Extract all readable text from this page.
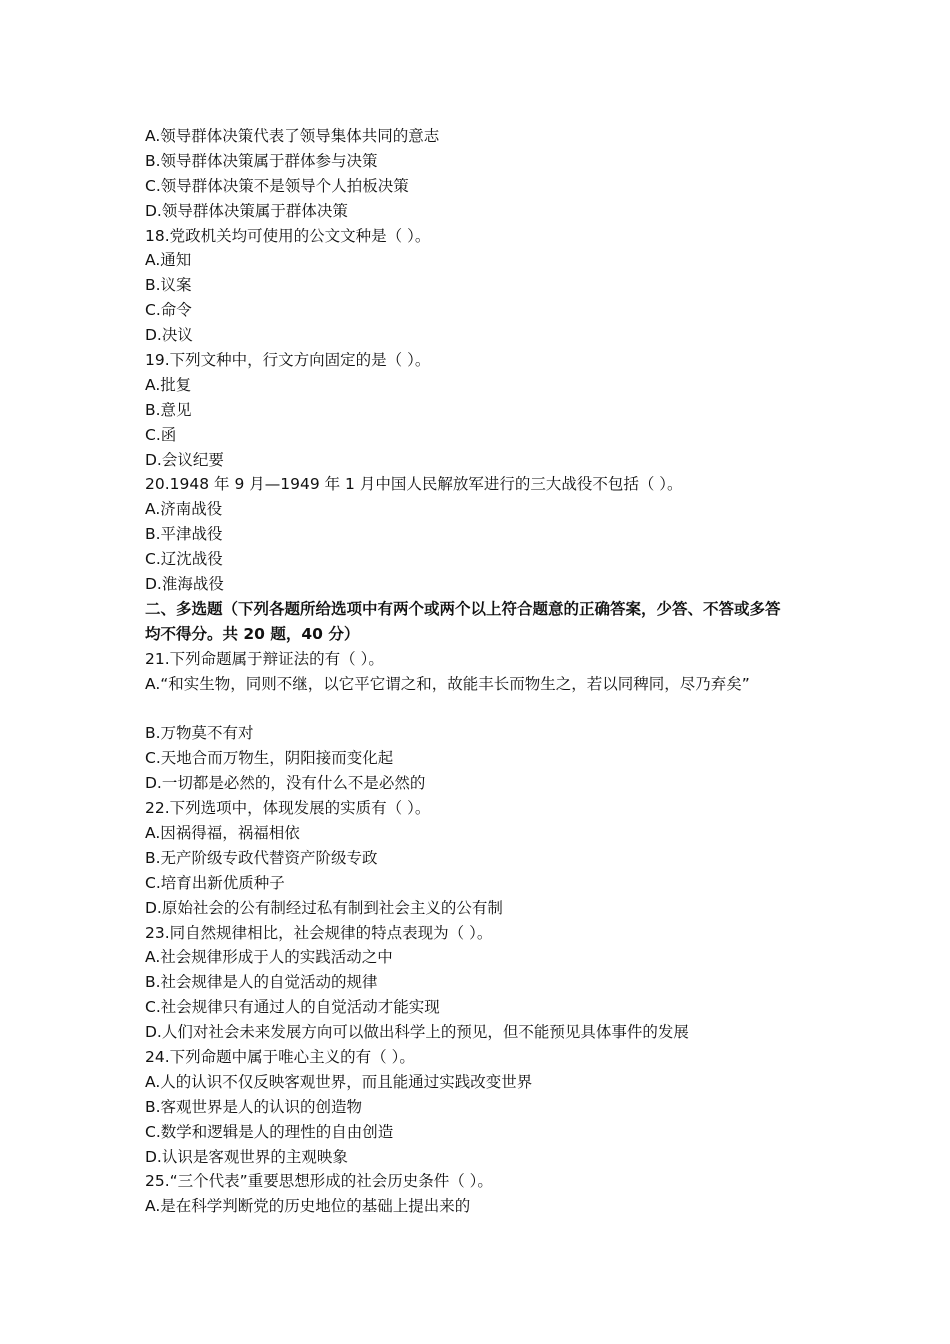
A.领导群体决策代表了领导集体共同的意志
B.领导群体决策属于群体参与决策
C.领导群体决策不是领导个人拍板决策
D.领导群体决策属于群体决策
18.党政机关均可使用的公文文种是（ ）。
A.通知
B.议案
C.命令
D.决议
19.下列文种中，行文方向固定的是（ ）。
A.批复
B.意见
C.函
D.会议纪要
20.1948 年 9 月—1949 年 1 月中国人民解放军进行的三大战役不包括（ ）。
A.济南战役
B.平津战役
C.辽沈战役
D.淮海战役
二、多选题（下列各题所给选项中有两个或两个以上符合题意的正确答案，少答、不答或多答
均不得分。共 20 题，40 分）
21.下列命题属于辩证法的有（ ）。
A.“和实生物，同则不继，以它平它谓之和，故能丰长而物生之，若以同稗同，尽乃弃矣”
B.万物莫不有对
C.天地合而万物生，阴阳接而变化起
D.一切都是必然的，没有什么不是必然的
22.下列选项中，体现发展的实质有（ ）。
A.因祸得福，祸福相依
B.无产阶级专政代替资产阶级专政
C.培育出新优质种子
D.原始社会的公有制经过私有制到社会主义的公有制
23.同自然规律相比，社会规律的特点表现为（ ）。
A.社会规律形成于人的实践活动之中
B.社会规律是人的自觉活动的规律
C.社会规律只有通过人的自觉活动才能实现
D.人们对社会未来发展方向可以做出科学上的预见，但不能预见具体事件的发展
24.下列命题中属于唯心主义的有（ ）。
A.人的认识不仅反映客观世界，而且能通过实践改变世界
B.客观世界是人的认识的创造物
C.数学和逻辑是人的理性的自由创造
D.认识是客观世界的主观映象
25.“三个代表”重要思想形成的社会历史条件（ ）。
A.是在科学判断党的历史地位的基础上提出来的
